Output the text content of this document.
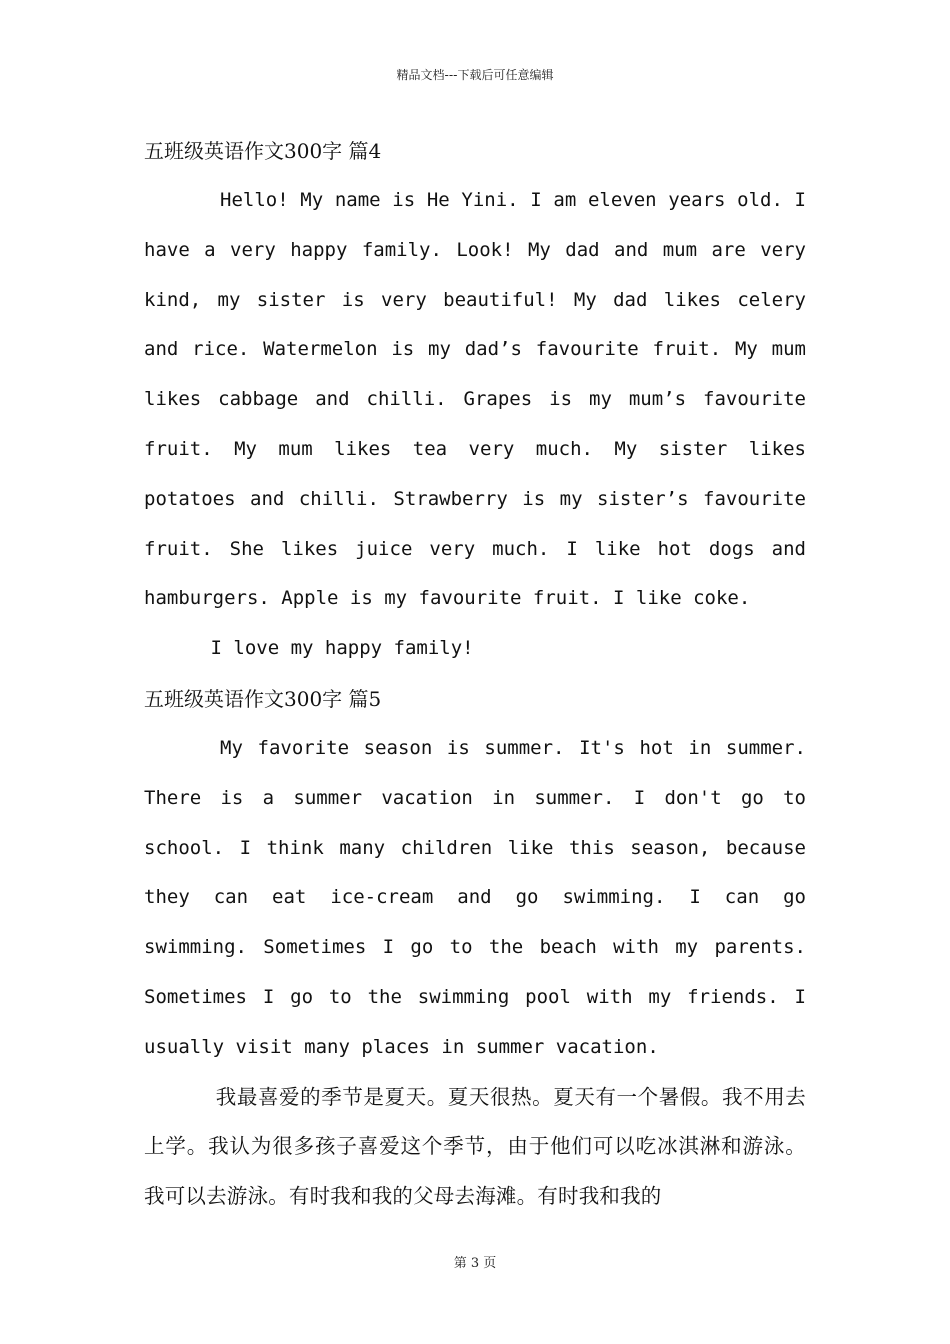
精品文档---下载后可任意编辑
五班级英语作文300字 篇4

Hello! My name is He Yini. I am eleven years old. I have a very happy family. Look! My dad and mum are very kind, my sister is very beautiful! My dad likes celery and rice. Watermelon is my dad’s favourite fruit. My mum likes cabbage and chilli. Grapes is my mum’s favourite fruit. My mum likes tea very much. My sister likes potatoes and chilli. Strawberry is my sister’s favourite fruit. She likes juice very much. I like hot dogs and hamburgers. Apple is my favourite fruit. I like coke.

I love my happy family!

五班级英语作文300字 篇5

My favorite season is summer. It's hot in summer. There is a summer vacation in summer. I don't go to school. I think many children like this season, because they can eat ice-cream and go swimming. I can go swimming. Sometimes I go to the beach with my parents. Sometimes I go to the swimming pool with my friends. I usually visit many places in summer vacation.

我最喜爱的季节是夏天。夏天很热。夏天有一个暑假。我不用去上学。我认为很多孩子喜爱这个季节，由于他们可以吃冰淇淋和游泳。我可以去游泳。有时我和我的父母去海滩。有时我和我的

第 3 页
